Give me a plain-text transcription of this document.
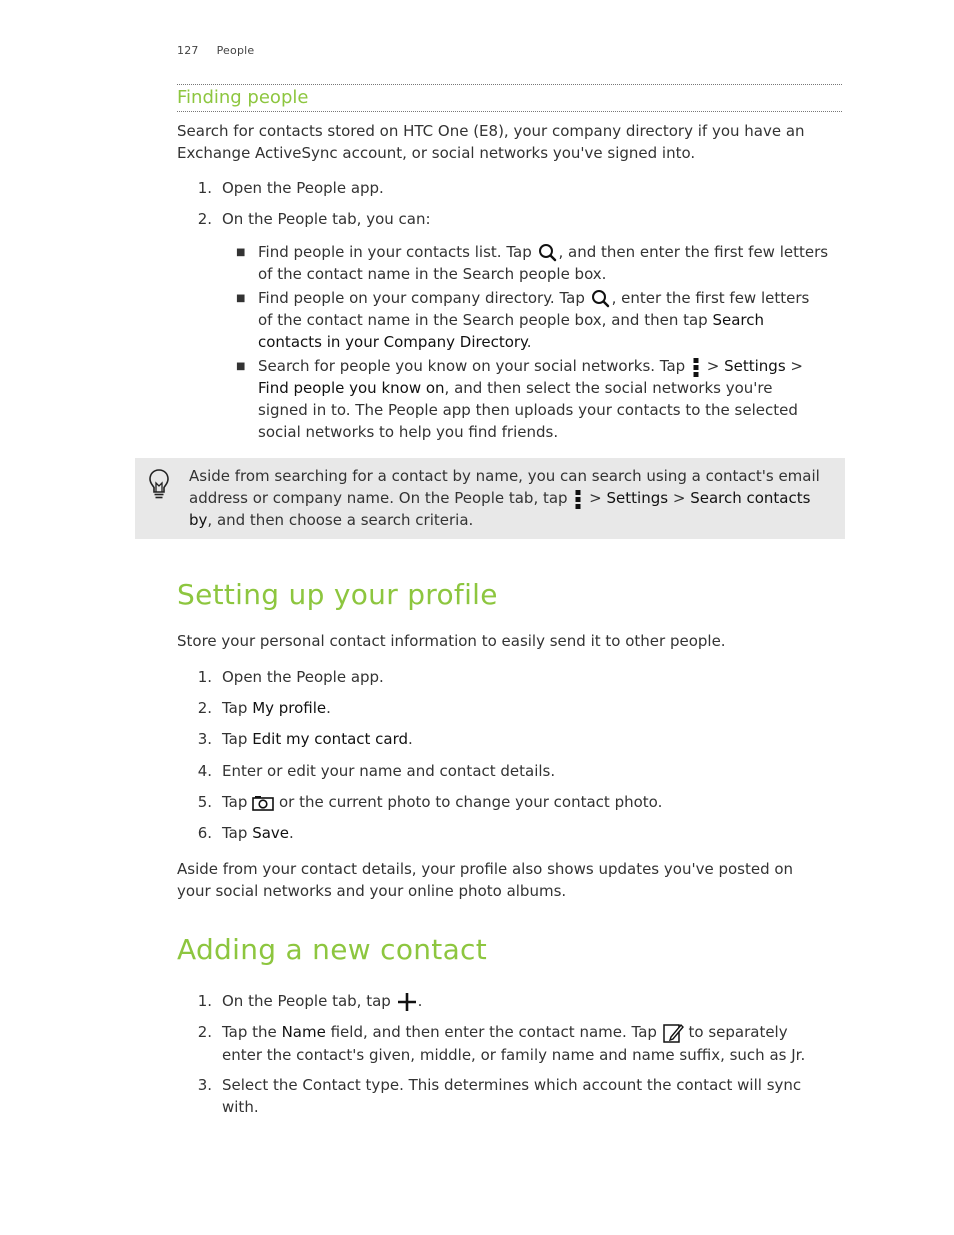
127 People
Finding people
Search for contacts stored on HTC One (E8), your company directory if you have an
Exchange ActiveSync account, or social networks you've signed into.
1. Open the People app.
2. On the People tab, you can:
■ Find people in your contacts list. Tap , and then enter the first few letters
of the contact name in the Search people box.
■ Find people on your company directory. Tap , enter the first few letters
of the contact name in the Search people box, and then tap Search
contacts in your Company Directory.
■ Search for people you know on your social networks. Tap > Settings >
Find people you know on, and then select the social networks you're
signed in to. The People app then uploads your contacts to the selected
social networks to help you find friends.
Aside from searching for a contact by name, you can search using a contact's email
address or company name. On the People tab, tap > Settings > Search contacts
by, and then choose a search criteria.
Setting up your profile
Store your personal contact information to easily send it to other people.
1. Open the People app.
2. Tap My profile.
3. Tap Edit my contact card.
4. Enter or edit your name and contact details.
5. Tap or the current photo to change your contact photo.
6. Tap Save.
Aside from your contact details, your profile also shows updates you've posted on
your social networks and your online photo albums.
Adding a new contact
1. On the People tab, tap .
2. Tap the Name field, and then enter the contact name. Tap to separately
enter the contact's given, middle, or family name and name suffix, such as Jr.
3. Select the Contact type. This determines which account the contact will sync
with.
